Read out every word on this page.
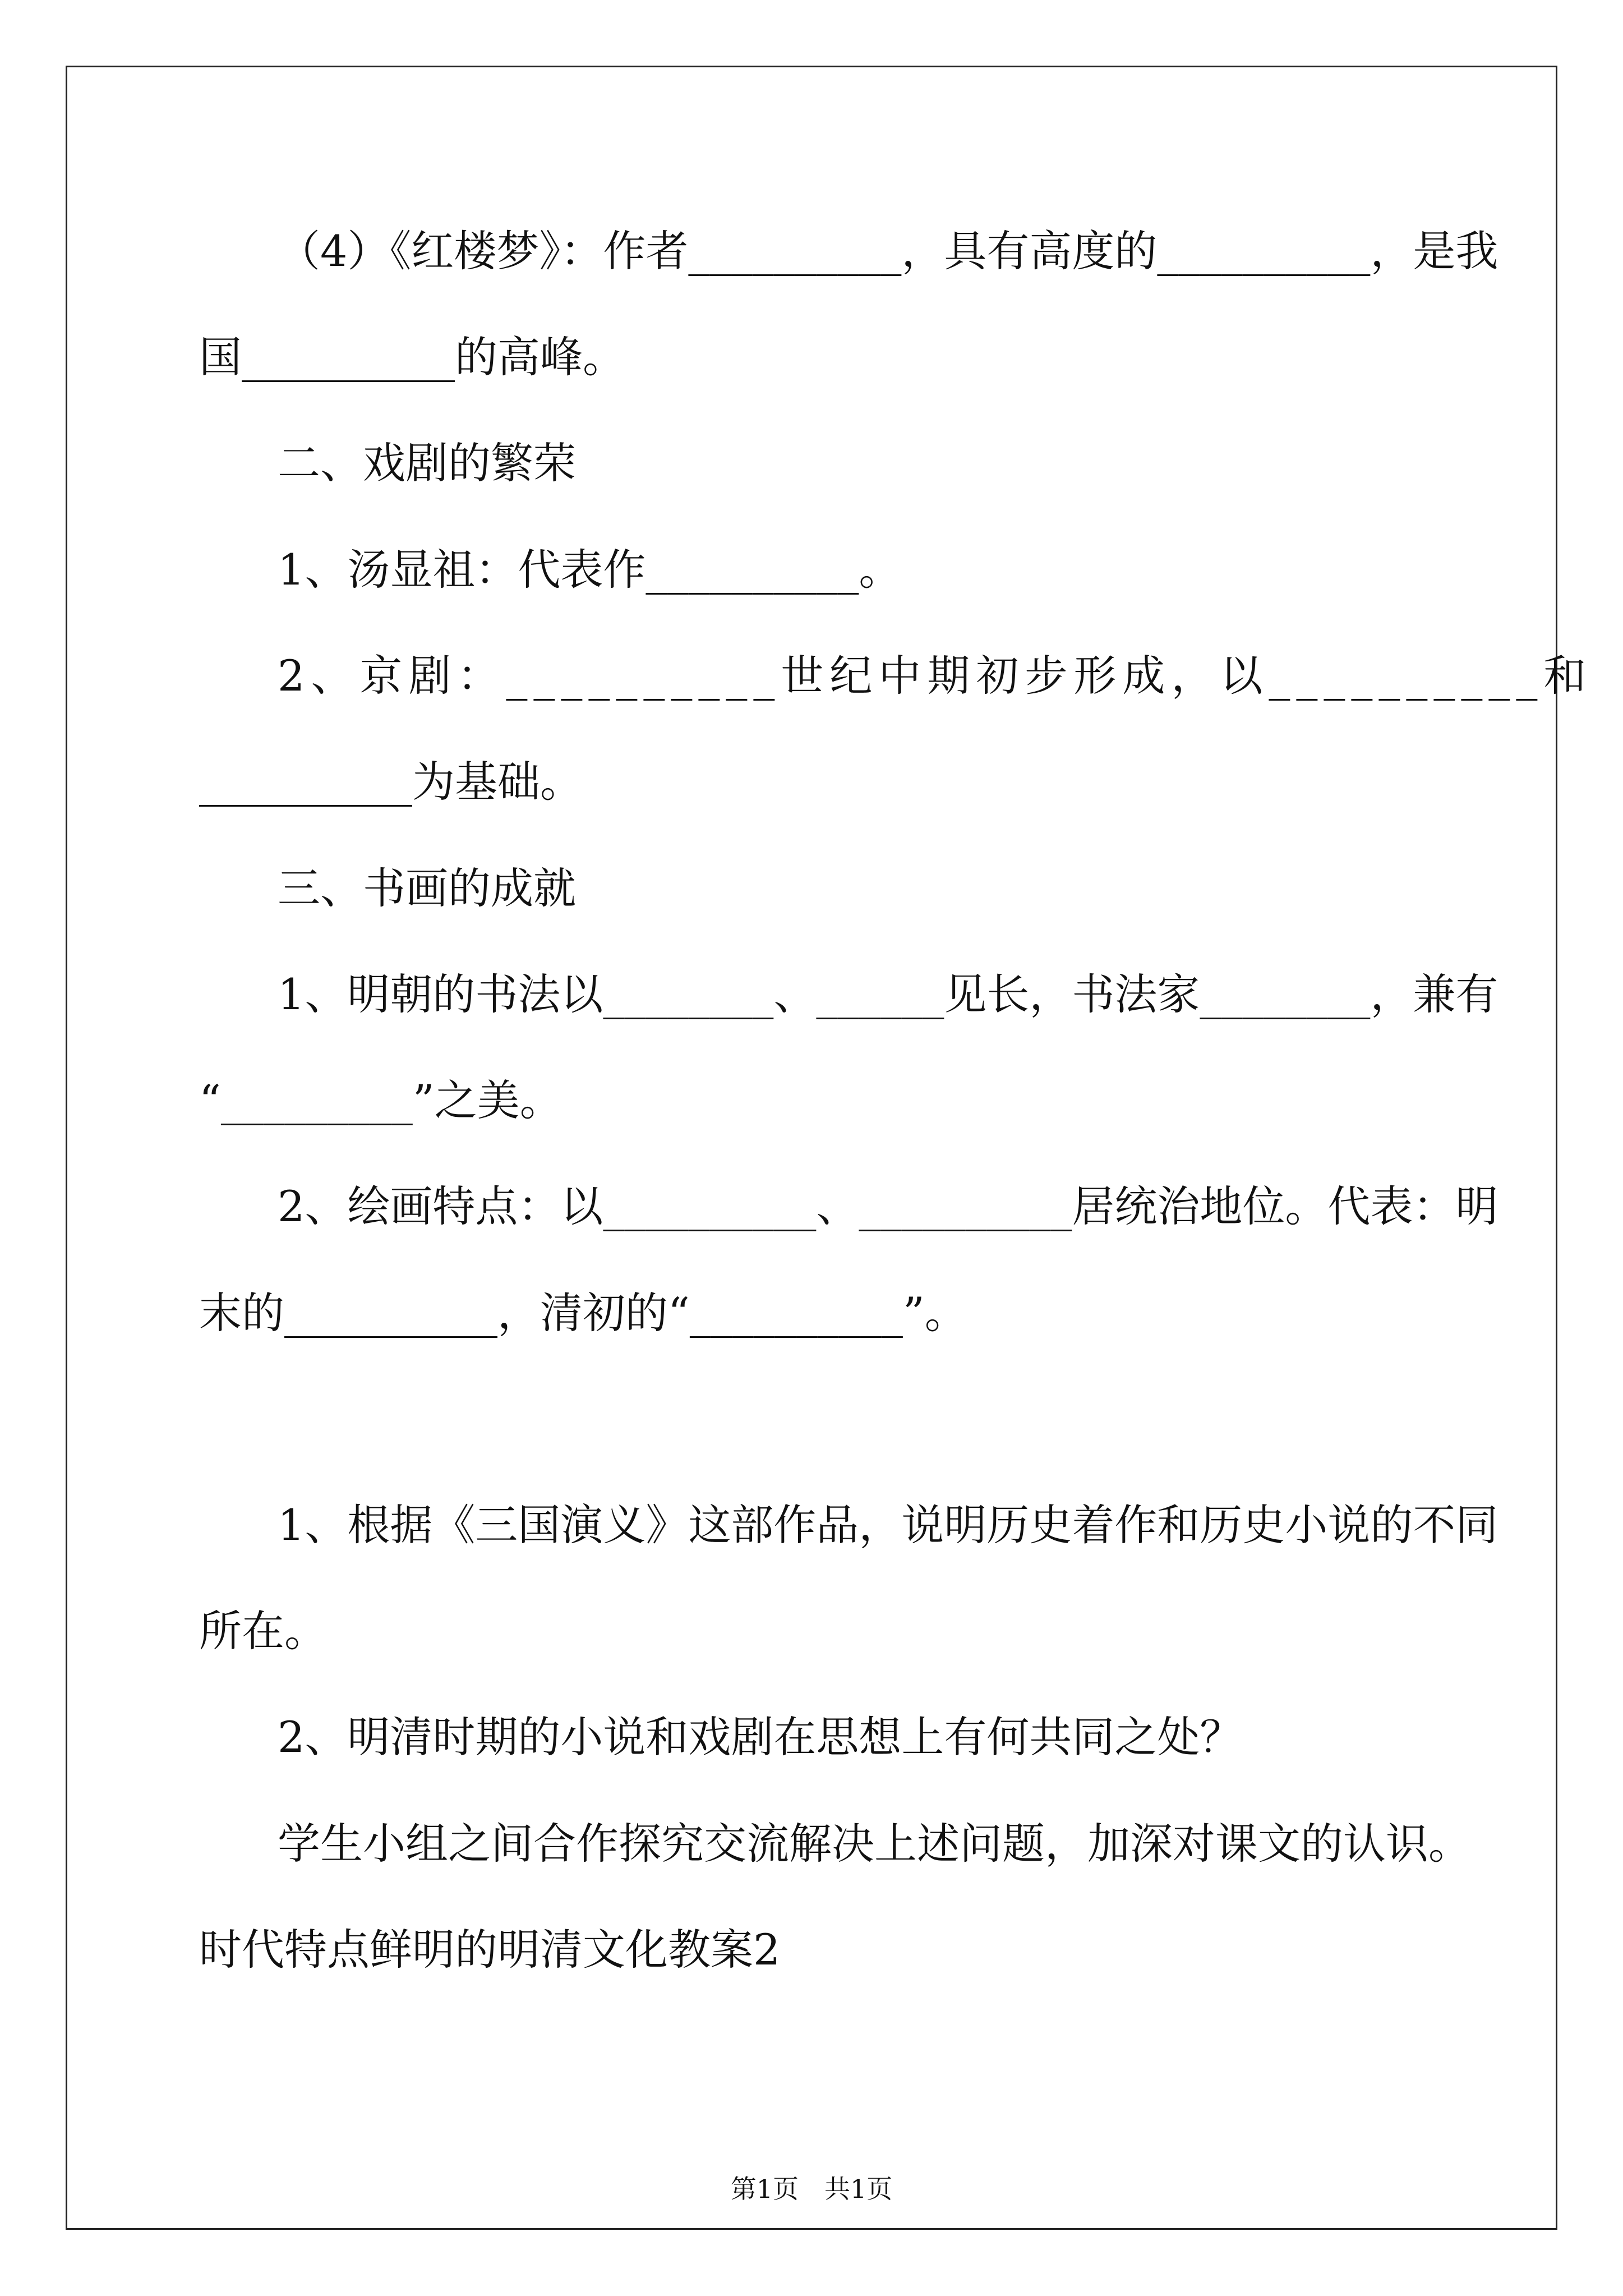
（4）《红楼梦》：作者__________，具有高度的__________，是我
国__________的高峰。
二、戏剧的繁荣
1、汤显祖：代表作__________。
2、京剧：__________世纪中期初步形成，以__________和
__________为基础。
三、书画的成就
1、明朝的书法以________、______见长，书法家________，兼有
“_________”之美。
2、绘画特点：以__________、__________居统治地位。代表：明
末的__________，清初的“__________”。
1、根据《三国演义》这部作品，说明历史着作和历史小说的不同
所在。
2、明清时期的小说和戏剧在思想上有何共同之处？
学生小组之间合作探究交流解决上述问题，加深对课文的认识。
时代特点鲜明的明清文化教案2
第1页　共1页
